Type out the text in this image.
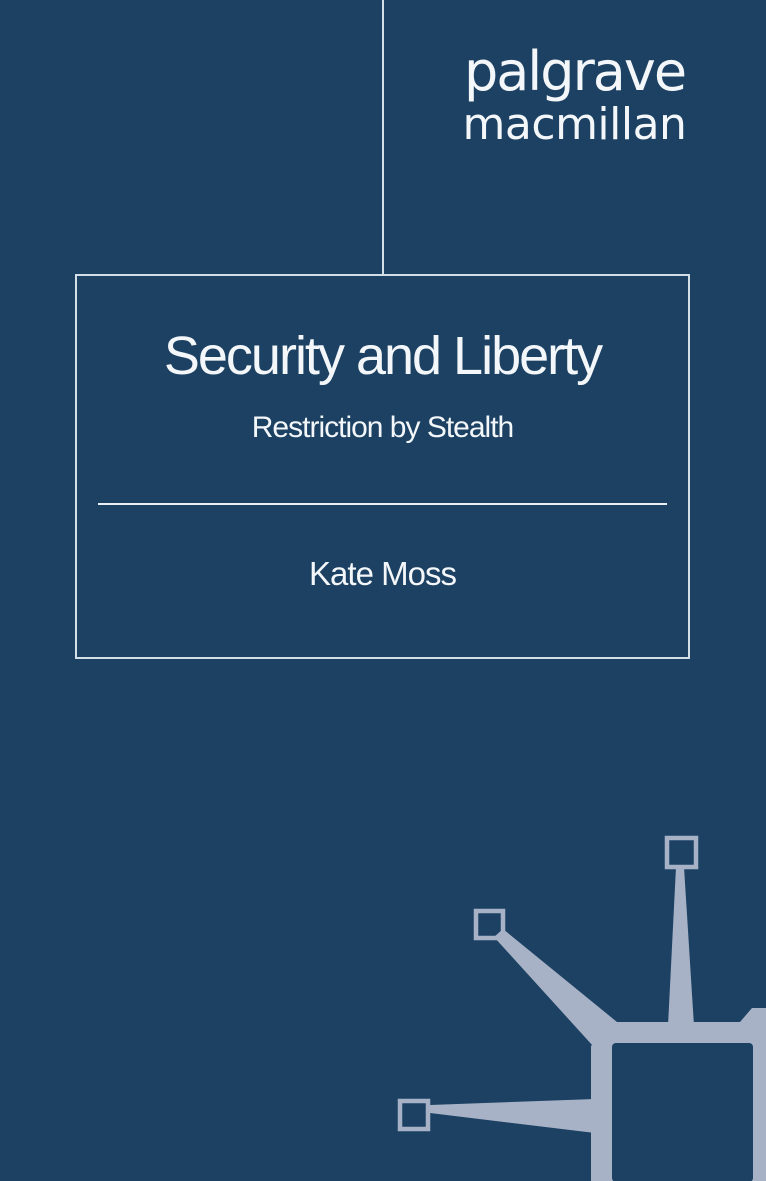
palgrave
macmillan
Security and Liberty
Restriction by Stealth
Kate Moss
